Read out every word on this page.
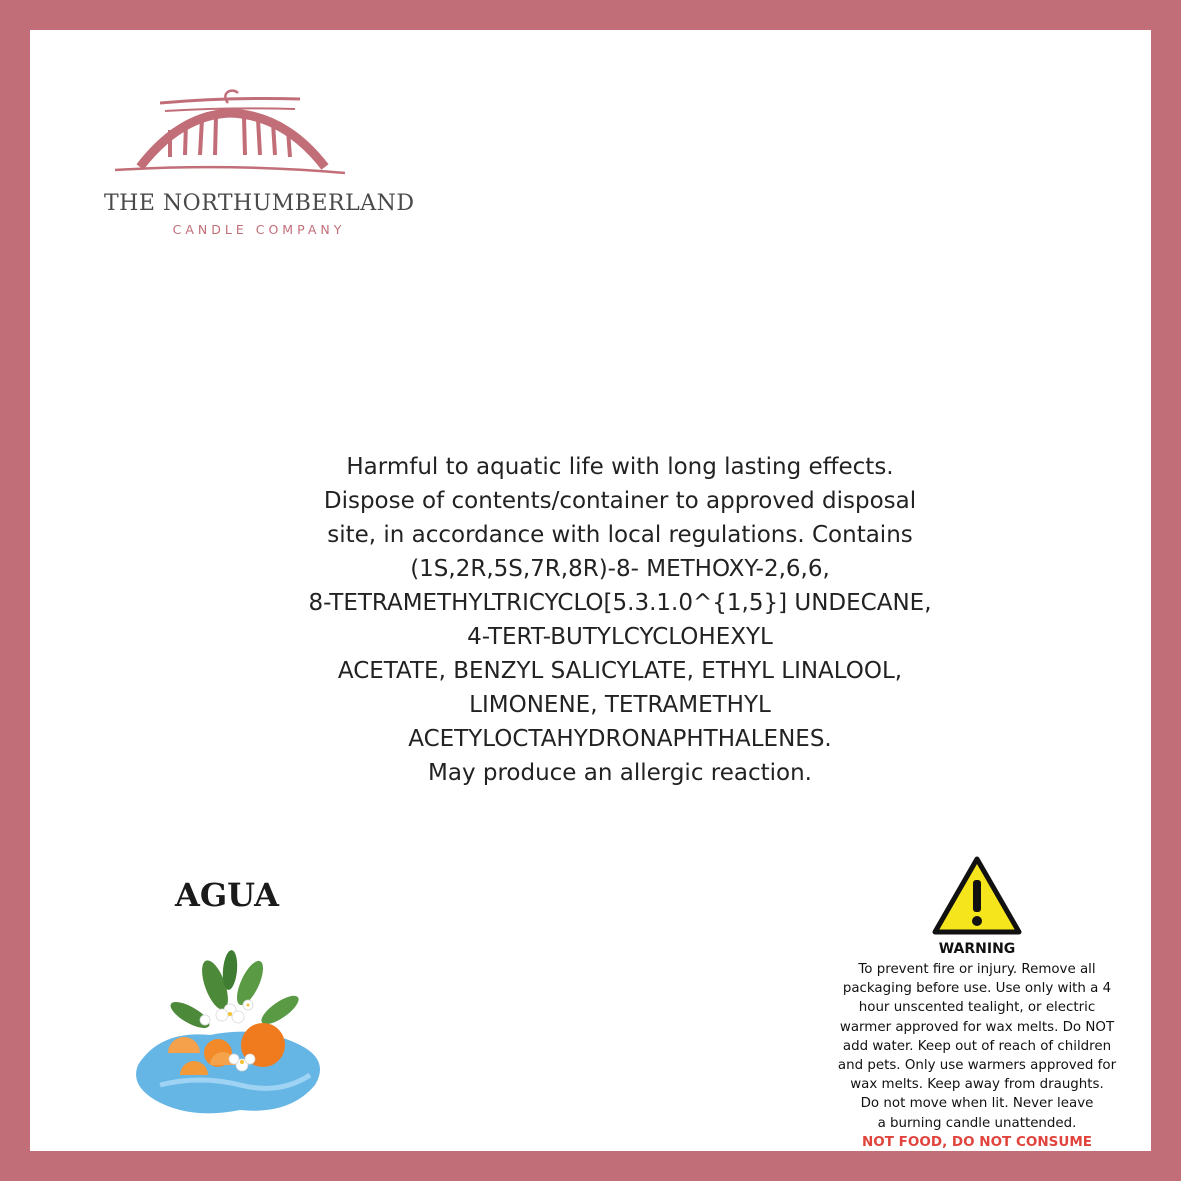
THE NORTHUMBERLAND
CANDLE COMPANY
Harmful to aquatic life with long lasting effects.
Dispose of contents/container to approved disposal
site, in accordance with local regulations. Contains
(1S,2R,5S,7R,8R)-8- METHOXY-2,6,6,
8-TETRAMETHYLTRICYCLO[5.3.1.0^{1,5}] UNDECANE,
4-TERT-BUTYLCYCLOHEXYL
ACETATE, BENZYL SALICYLATE, ETHYL LINALOOL,
LIMONENE, TETRAMETHYL
ACETYLOCTAHYDRONAPHTHALENES.
May produce an allergic reaction.
AGUA
WARNING
To prevent fire or injury. Remove all
packaging before use. Use only with a 4
hour unscented tealight, or electric
warmer approved for wax melts. Do NOT
add water. Keep out of reach of children
and pets. Only use warmers approved for
wax melts. Keep away from draughts.
Do not move when lit. Never leave
a burning candle unattended.
NOT FOOD, DO NOT CONSUME
